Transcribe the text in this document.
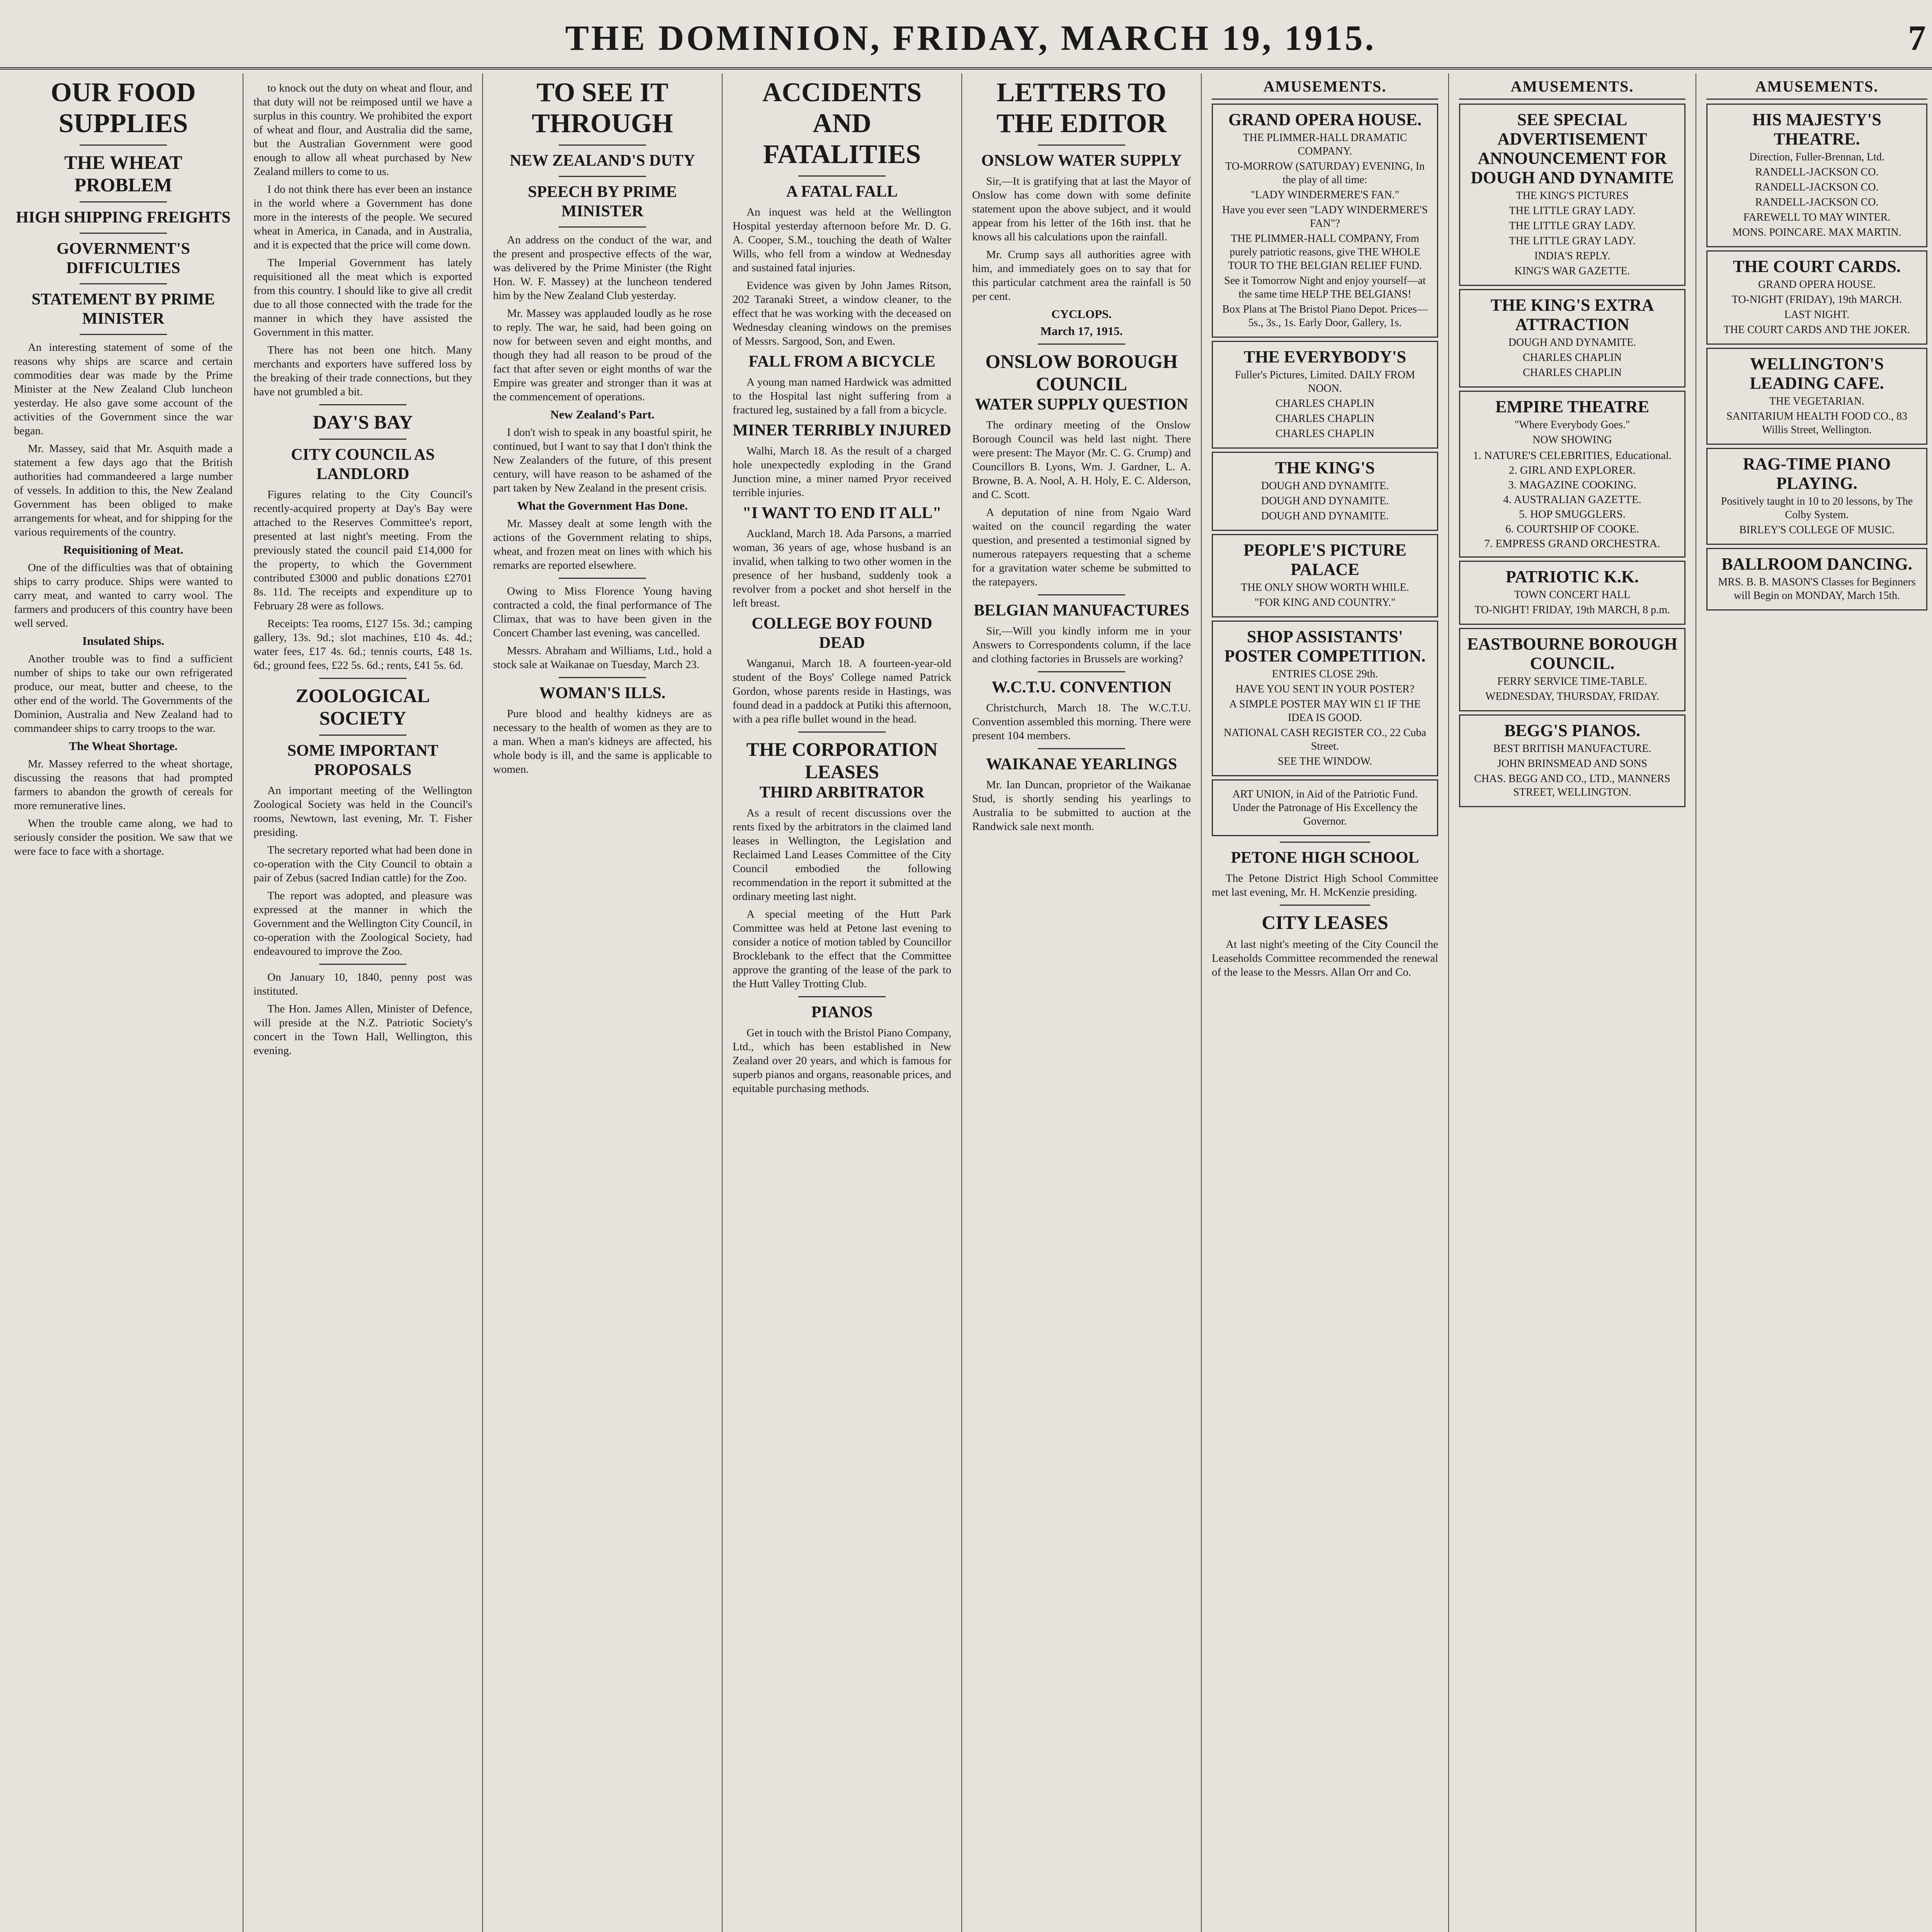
THE DOMINION, FRIDAY, MARCH 19, 1915.	7
OUR FOOD SUPPLIES
THE WHEAT PROBLEM
HIGH SHIPPING FREIGHTS
GOVERNMENT'S DIFFICULTIES
STATEMENT BY PRIME MINISTER

An interesting statement of some of the reasons why ships are scarce and certain commodities dear was made by the Prime Minister at the New Zealand Club luncheon yesterday. He also gave some account of the activities of the Government since the war began.

Mr. Massey, said that Mr. Asquith made a statement a few days ago that the British authorities had commandeered a large number of vessels. In addition to this, the New Zealand Government has been obliged to make arrangements for wheat, and for shipping for the various requirements of the country.

Requisitioning of Meat.

One of the difficulties was that of obtaining ships to carry produce. Ships were wanted to carry meat, and wanted to carry wool. The farmers and producers of this country have been well served.

Insulated Ships.

Another trouble was to find a sufficient number of ships to take our own refrigerated produce, our meat, butter and cheese, to the other end of the world. The Governments of the Dominion, Australia and New Zealand had to commandeer ships to carry troops to the war.

The Wheat Shortage.

Mr. Massey referred to the wheat shortage, discussing the reasons that had prompted farmers to abandon the growth of cereals for more remunerative lines.

When the trouble came along, we had to seriously consider the position. We saw that we were face to face with a shortage.

to knock out the duty on wheat and flour, and that duty will not be reimposed until we have a surplus in this country. We prohibited the export of wheat and flour, and Australia did the same, but the Australian Government were good enough to allow all wheat purchased by New Zealand millers to come to us.

I do not think there has ever been an instance in the world where a Government has done more in the interests of the people. We secured wheat in America, in Canada, and in Australia, and it is expected that the price will come down.

The Imperial Government has lately requisitioned all the meat which is exported from this country. I should like to give all credit due to all those connected with the trade for the manner in which they have assisted the Government in this matter.

There has not been one hitch. Many merchants and exporters have suffered loss by the breaking of their trade connections, but they have not grumbled a bit.

DAY'S BAY
CITY COUNCIL AS LANDLORD

Figures relating to the City Council's recently-acquired property at Day's Bay were attached to the Reserves Committee's report, presented at last night's meeting. From the previously stated the council paid £14,000 for the property, to which the Government contributed £3000 and public donations £2701 8s. 11d. The receipts and expenditure up to February 28 were as follows.

Receipts: Tea rooms, £127 15s. 3d.; camping gallery, 13s. 9d.; slot machines, £10 4s. 4d.; water fees, £17 4s. 6d.; tennis courts, £48 1s. 6d.; ground fees, £22 5s. 6d.; rents, £41 5s. 6d.

ZOOLOGICAL SOCIETY
SOME IMPORTANT PROPOSALS

An important meeting of the Wellington Zoological Society was held in the Council's rooms, Newtown, last evening, Mr. T. Fisher presiding.

The secretary reported what had been done in co-operation with the City Council to obtain a pair of Zebus (sacred Indian cattle) for the Zoo.

The report was adopted, and pleasure was expressed at the manner in which the Government and the Wellington City Council, in co-operation with the Zoological Society, had endeavoured to improve the Zoo.

On January 10, 1840, penny post was instituted.

The Hon. James Allen, Minister of Defence, will preside at the N.Z. Patriotic Society's concert in the Town Hall, Wellington, this evening.

TO SEE IT THROUGH
NEW ZEALAND'S DUTY
SPEECH BY PRIME MINISTER

An address on the conduct of the war, and the present and prospective effects of the war, was delivered by the Prime Minister (the Right Hon. W. F. Massey) at the luncheon tendered him by the New Zealand Club yesterday.

Mr. Massey was applauded loudly as he rose to reply. The war, he said, had been going on now for between seven and eight months, and though they had all reason to be proud of the fact that after seven or eight months of war the Empire was greater and stronger than it was at the commencement of operations.

New Zealand's Part.

I don't wish to speak in any boastful spirit, he continued, but I want to say that I don't think the New Zealanders of the future, of this present century, will have reason to be ashamed of the part taken by New Zealand in the present crisis.

What the Government Has Done.

Mr. Massey dealt at some length with the actions of the Government relating to ships, wheat, and frozen meat on lines with which his remarks are reported elsewhere.

Owing to Miss Florence Young having contracted a cold, the final performance of The Climax, that was to have been given in the Concert Chamber last evening, was cancelled.

Messrs. Abraham and Williams, Ltd., hold a stock sale at Waikanae on Tuesday, March 23.

WOMAN'S ILLS.

Pure blood and healthy kidneys are as necessary to the health of women as they are to a man. When a man's kidneys are affected, his whole body is ill, and the same is applicable to women.

ACCIDENTS AND FATALITIES
A FATAL FALL

An inquest was held at the Wellington Hospital yesterday afternoon before Mr. D. G. A. Cooper, S.M., touching the death of Walter Wills, who fell from a window at Wednesday and sustained fatal injuries.

Evidence was given by John James Ritson, 202 Taranaki Street, a window cleaner, to the effect that he was working with the deceased on Wednesday cleaning windows on the premises of Messrs. Sargood, Son, and Ewen.

FALL FROM A BICYCLE

A young man named Hardwick was admitted to the Hospital last night suffering from a fractured leg, sustained by a fall from a bicycle.

MINER TERRIBLY INJURED

Walhi, March 18. As the result of a charged hole unexpectedly exploding in the Grand Junction mine, a miner named Pryor received terrible injuries.

"I WANT TO END IT ALL"

Auckland, March 18. Ada Parsons, a married woman, 36 years of age, whose husband is an invalid, when talking to two other women in the presence of her husband, suddenly took a revolver from a pocket and shot herself in the left breast.

COLLEGE BOY FOUND DEAD

Wanganui, March 18. A fourteen-year-old student of the Boys' College named Patrick Gordon, whose parents reside in Hastings, was found dead in a paddock at Putiki this afternoon, with a pea rifle bullet wound in the head.

THE CORPORATION LEASES
THIRD ARBITRATOR

As a result of recent discussions over the rents fixed by the arbitrators in the claimed land leases in Wellington, the Legislation and Reclaimed Land Leases Committee of the City Council embodied the following recommendation in the report it submitted at the ordinary meeting last night.

A special meeting of the Hutt Park Committee was held at Petone last evening to consider a notice of motion tabled by Councillor Brocklebank to the effect that the Committee approve the granting of the lease of the park to the Hutt Valley Trotting Club.

PIANOS

Get in touch with the Bristol Piano Company, Ltd., which has been established in New Zealand over 20 years, and which is famous for superb pianos and organs, reasonable prices, and equitable purchasing methods.

LETTERS TO THE EDITOR
ONSLOW WATER SUPPLY

Sir,—It is gratifying that at last the Mayor of Onslow has come down with some definite statement upon the above subject, and it would appear from his letter of the 16th inst. that he knows all his calculations upon the rainfall.

Mr. Crump says all authorities agree with him, and immediately goes on to say that for this particular catchment area the rainfall is 50 per cent.

CYCLOPS.
March 17, 1915.
ONSLOW BOROUGH COUNCIL
WATER SUPPLY QUESTION

The ordinary meeting of the Onslow Borough Council was held last night. There were present: The Mayor (Mr. C. G. Crump) and Councillors B. Lyons, Wm. J. Gardner, L. A. Browne, B. A. Nool, A. H. Holy, E. C. Alderson, and C. Scott.

A deputation of nine from Ngaio Ward waited on the council regarding the water question, and presented a testimonial signed by numerous ratepayers requesting that a scheme for a gravitation water scheme be submitted to the ratepayers.

BELGIAN MANUFACTURES

Sir,—Will you kindly inform me in your Answers to Correspondents column, if the lace and clothing factories in Brussels are working?

W.C.T.U. CONVENTION

Christchurch, March 18. The W.C.T.U. Convention assembled this morning. There were present 104 members.

WAIKANAE YEARLINGS

Mr. Ian Duncan, proprietor of the Waikanae Stud, is shortly sending his yearlings to Australia to be submitted to auction at the Randwick sale next month.

AMUSEMENTS.
GRAND OPERA HOUSE.
THE PLIMMER-HALL DRAMATIC COMPANY.
TO-MORROW (SATURDAY) EVENING, In the play of all time:
"LADY WINDERMERE'S FAN."
Have you ever seen "LADY WINDERMERE'S FAN"?
THE PLIMMER-HALL COMPANY, From purely patriotic reasons, give THE WHOLE TOUR TO THE BELGIAN RELIEF FUND.
See it Tomorrow Night and enjoy yourself—at the same time HELP THE BELGIANS!
Box Plans at The Bristol Piano Depot. Prices—5s., 3s., 1s. Early Door, Gallery, 1s.
THE EVERYBODY'S
Fuller's Pictures, Limited. DAILY FROM NOON.
CHARLES CHAPLIN
CHARLES CHAPLIN
CHARLES CHAPLIN
THE KING'S
DOUGH AND DYNAMITE.
DOUGH AND DYNAMITE.
DOUGH AND DYNAMITE.
PEOPLE'S PICTURE PALACE
THE ONLY SHOW WORTH WHILE.
"FOR KING AND COUNTRY."
SHOP ASSISTANTS' POSTER COMPETITION.
ENTRIES CLOSE 29th.
HAVE YOU SENT IN YOUR POSTER?
A SIMPLE POSTER MAY WIN £1 IF THE IDEA IS GOOD.
NATIONAL CASH REGISTER CO., 22 Cuba Street.
SEE THE WINDOW.
ART UNION, in Aid of the Patriotic Fund. Under the Patronage of His Excellency the Governor.
PETONE HIGH SCHOOL

The Petone District High School Committee met last evening, Mr. H. McKenzie presiding.

CITY LEASES

At last night's meeting of the City Council the Leaseholds Committee recommended the renewal of the lease to the Messrs. Allan Orr and Co.

AMUSEMENTS.
SEE SPECIAL ADVERTISEMENT ANNOUNCEMENT FOR DOUGH AND DYNAMITE
THE KING'S PICTURES
THE LITTLE GRAY LADY.
THE LITTLE GRAY LADY.
THE LITTLE GRAY LADY.
INDIA'S REPLY.
KING'S WAR GAZETTE.
THE KING'S EXTRA ATTRACTION
DOUGH AND DYNAMITE.
CHARLES CHAPLIN
CHARLES CHAPLIN
EMPIRE THEATRE
"Where Everybody Goes."
NOW SHOWING
1. NATURE'S CELEBRITIES, Educational.
2. GIRL AND EXPLORER.
3. MAGAZINE COOKING.
4. AUSTRALIAN GAZETTE.
5. HOP SMUGGLERS.
6. COURTSHIP OF COOKE.
7. EMPRESS GRAND ORCHESTRA.
PATRIOTIC K.K.
TOWN CONCERT HALL
TO-NIGHT! FRIDAY, 19th MARCH, 8 p.m.
EASTBOURNE BOROUGH COUNCIL.
FERRY SERVICE TIME-TABLE.
WEDNESDAY, THURSDAY, FRIDAY.
BEGG'S PIANOS.
BEST BRITISH MANUFACTURE.
JOHN BRINSMEAD AND SONS
CHAS. BEGG AND CO., LTD., MANNERS STREET, WELLINGTON.
AMUSEMENTS.
HIS MAJESTY'S THEATRE.
Direction, Fuller-Brennan, Ltd.
RANDELL-JACKSON CO.
RANDELL-JACKSON CO.
RANDELL-JACKSON CO.
FAREWELL TO MAY WINTER.
MONS. POINCARE. MAX MARTIN.
THE COURT CARDS.
GRAND OPERA HOUSE.
TO-NIGHT (FRIDAY), 19th MARCH.
LAST NIGHT.
THE COURT CARDS AND THE JOKER.
WELLINGTON'S LEADING CAFE.
THE VEGETARIAN.
SANITARIUM HEALTH FOOD CO., 83 Willis Street, Wellington.
RAG-TIME PIANO PLAYING.
Positively taught in 10 to 20 lessons, by The Colby System.
BIRLEY'S COLLEGE OF MUSIC.
BALLROOM DANCING.
MRS. B. B. MASON'S Classes for Beginners will Begin on MONDAY, March 15th.
